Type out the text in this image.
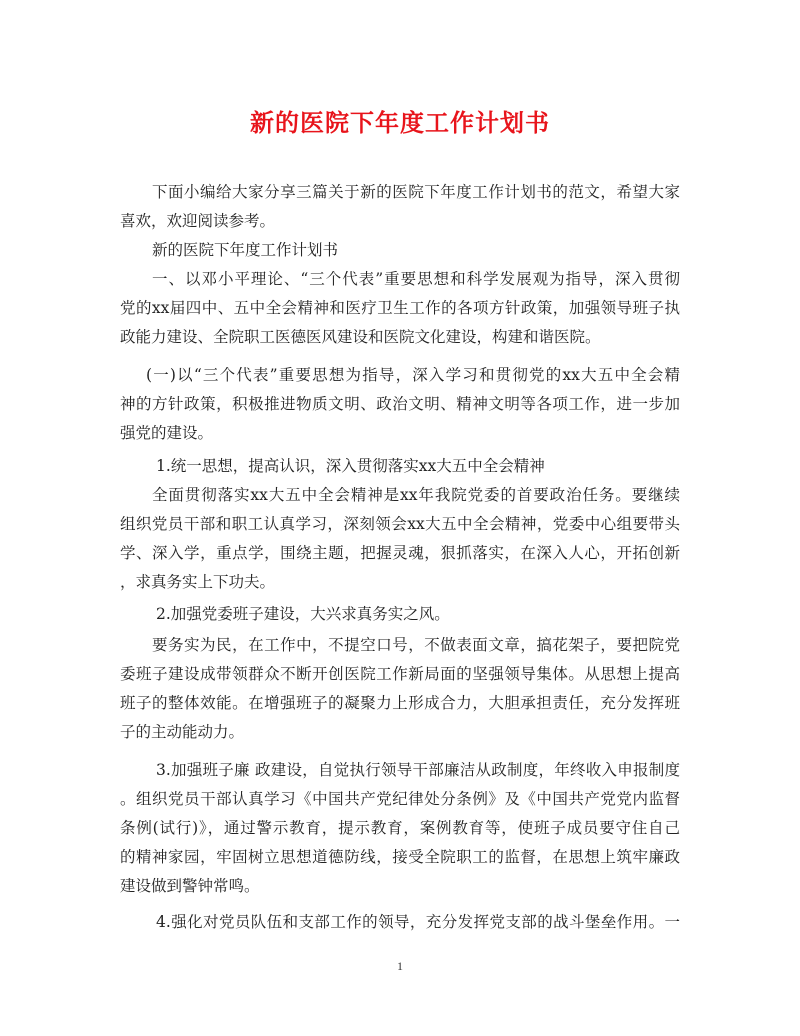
新的医院下年度工作计划书
下面小编给大家分享三篇关于新的医院下年度工作计划书的范文，希望大家
喜欢，欢迎阅读参考。
新的医院下年度工作计划书
一、以邓小平理论、“三个代表”重要思想和科学发展观为指导，深入贯彻
党的xx届四中、五中全会精神和医疗卫生工作的各项方针政策，加强领导班子执
政能力建设、全院职工医德医风建设和医院文化建设，构建和谐医院。
(一)以“三个代表”重要思想为指导，深入学习和贯彻党的xx大五中全会精
神的方针政策，积极推进物质文明、政治文明、精神文明等各项工作，进一步加
强党的建设。
1.统一思想，提高认识，深入贯彻落实xx大五中全会精神
全面贯彻落实xx大五中全会精神是xx年我院党委的首要政治任务。要继续
组织党员干部和职工认真学习，深刻领会xx大五中全会精神，党委中心组要带头
学、深入学，重点学，围绕主题，把握灵魂，狠抓落实，在深入人心，开拓创新
，求真务实上下功夫。
2.加强党委班子建设，大兴求真务实之风。
要务实为民，在工作中，不提空口号，不做表面文章，搞花架子，要把院党
委班子建设成带领群众不断开创医院工作新局面的坚强领导集体。从思想上提高
班子的整体效能。在增强班子的凝聚力上形成合力，大胆承担责任，充分发挥班
子的主动能动力。
3.加强班子廉 政建设，自觉执行领导干部廉洁从政制度，年终收入申报制度
。组织党员干部认真学习《中国共产党纪律处分条例》及《中国共产党党内监督
条例(试行)》，通过警示教育，提示教育，案例教育等，使班子成员要守住自己
的精神家园，牢固树立思想道德防线，接受全院职工的监督，在思想上筑牢廉政
建设做到警钟常鸣。
4.强化对党员队伍和支部工作的领导，充分发挥党支部的战斗堡垒作用。一
1
